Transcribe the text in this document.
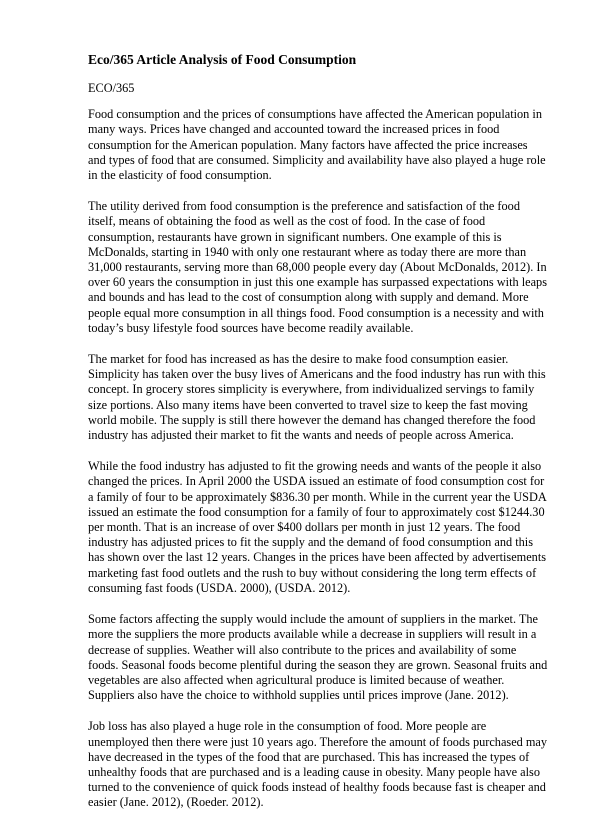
Eco/365 Article Analysis of Food Consumption
ECO/365

Food consumption and the prices of consumptions have affected the American population in many ways. Prices have changed and accounted toward the increased prices in food consumption for the American population. Many factors have affected the price increases and types of food that are consumed. Simplicity and availability have also played a huge role in the elasticity of food consumption.

The utility derived from food consumption is the preference and satisfaction of the food itself, means of obtaining the food as well as the cost of food. In the case of food consumption, restaurants have grown in significant numbers. One example of this is McDonalds, starting in 1940 with only one restaurant where as today there are more than 31,000 restaurants, serving more than 68,000 people every day (About McDonalds, 2012). In over 60 years the consumption in just this one example has surpassed expectations with leaps and bounds and has lead to the cost of consumption along with supply and demand. More people equal more consumption in all things food. Food consumption is a necessity and with today’s busy lifestyle food sources have become readily available.

The market for food has increased as has the desire to make food consumption easier. Simplicity has taken over the busy lives of Americans and the food industry has run with this concept. In grocery stores simplicity is everywhere, from individualized servings to family size portions. Also many items have been converted to travel size to keep the fast moving world mobile. The supply is still there however the demand has changed therefore the food industry has adjusted their market to fit the wants and needs of people across America.

While the food industry has adjusted to fit the growing needs and wants of the people it also changed the prices. In April 2000 the USDA issued an estimate of food consumption cost for a family of four to be approximately $836.30 per month. While in the current year the USDA issued an estimate the food consumption for a family of four to approximately cost $1244.30 per month. That is an increase of over $400 dollars per month in just 12 years. The food industry has adjusted prices to fit the supply and the demand of food consumption and this has shown over the last 12 years. Changes in the prices have been affected by advertisements marketing fast food outlets and the rush to buy without considering the long term effects of consuming fast foods (USDA. 2000), (USDA. 2012).

Some factors affecting the supply would include the amount of suppliers in the market. The more the suppliers the more products available while a decrease in suppliers will result in a decrease of supplies. Weather will also contribute to the prices and availability of some foods. Seasonal foods become plentiful during the season they are grown. Seasonal fruits and vegetables are also affected when agricultural produce is limited because of weather. Suppliers also have the choice to withhold supplies until prices improve (Jane. 2012).

Job loss has also played a huge role in the consumption of food. More people are unemployed then there were just 10 years ago. Therefore the amount of foods purchased may have decreased in the types of the food that are purchased. This has increased the types of unhealthy foods that are purchased and is a leading cause in obesity. Many people have also turned to the convenience of quick foods instead of healthy foods because fast is cheaper and easier (Jane. 2012), (Roeder. 2012).
